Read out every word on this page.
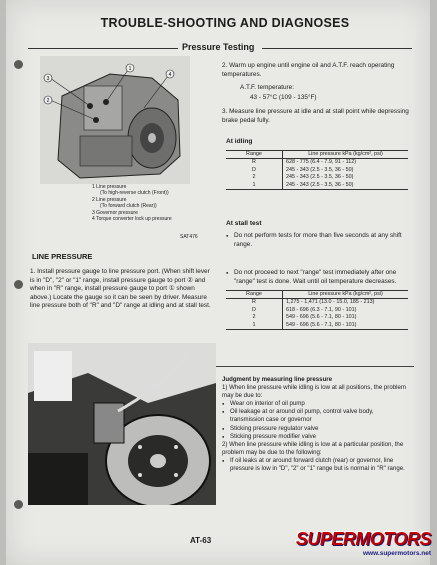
TROUBLE-SHOOTING AND DIAGNOSES
Pressure Testing
3
2
1
4
1 Line pressure
(To high-reverse clutch (Front))
2 Line pressure
(To forward clutch (Rear))
3 Governor pressure
4 Torque converter lock up pressure
SAT476
LINE PRESSURE
1. Install pressure gauge to line pressure port. (When shift lever is in "D", "2" or "1" range, install pressure gauge to port ② and when in "R" range, install pressure gauge to port ① shown above.) Locate the gauge so it can be seen by driver. Measure line pressure both of "R" and "D" range at idling and at stall test.
2. Warm up engine until engine oil and A.T.F. reach operating temperatures.
A.T.F. temperature:
43 - 57°C (109 - 135°F)
3. Measure line pressure at idle and at stall point while depressing brake pedal fully.
At idling
Range	Line pressure kPa (kg/cm², psi)
R	628 - 775 (6.4 - 7.9, 91 - 112)
D	245 - 343 (2.5 - 3.5, 36 - 50)
2	245 - 343 (2.5 - 3.5, 36 - 50)
1	245 - 343 (2.5 - 3.5, 36 - 50)
At stall test
● Do not perform tests for more than five seconds at any shift range.
● Do not proceed to next "range" test immediately after one "range" test is done. Wait until oil temperature decreases.
Range	Line pressure kPa (kg/cm², psi)
R	1,275 - 1,471 (13.0 - 15.0, 185 - 213)
D	618 - 696 (6.3 - 7.1, 90 - 101)
2	549 - 696 (5.6 - 7.1, 80 - 101)
1	549 - 696 (5.6 - 7.1, 80 - 101)
Judgment by measuring line pressure
1) When line pressure while idling is low at all positions, the problem may be due to:
● Wear on interior of oil pump
● Oil leakage at or around oil pump, control valve body, transmission case or governor
● Sticking pressure regulator valve
● Sticking pressure modifier valve
2) When line pressure while idling is low at a particular position, the problem may be due to the following:
● If oil leaks at or around forward clutch (rear) or governor, line pressure is low in "D", "2" or "1" range but is normal in "R" range.
AT-63	SUPERMOTORS
www.supermotors.net
